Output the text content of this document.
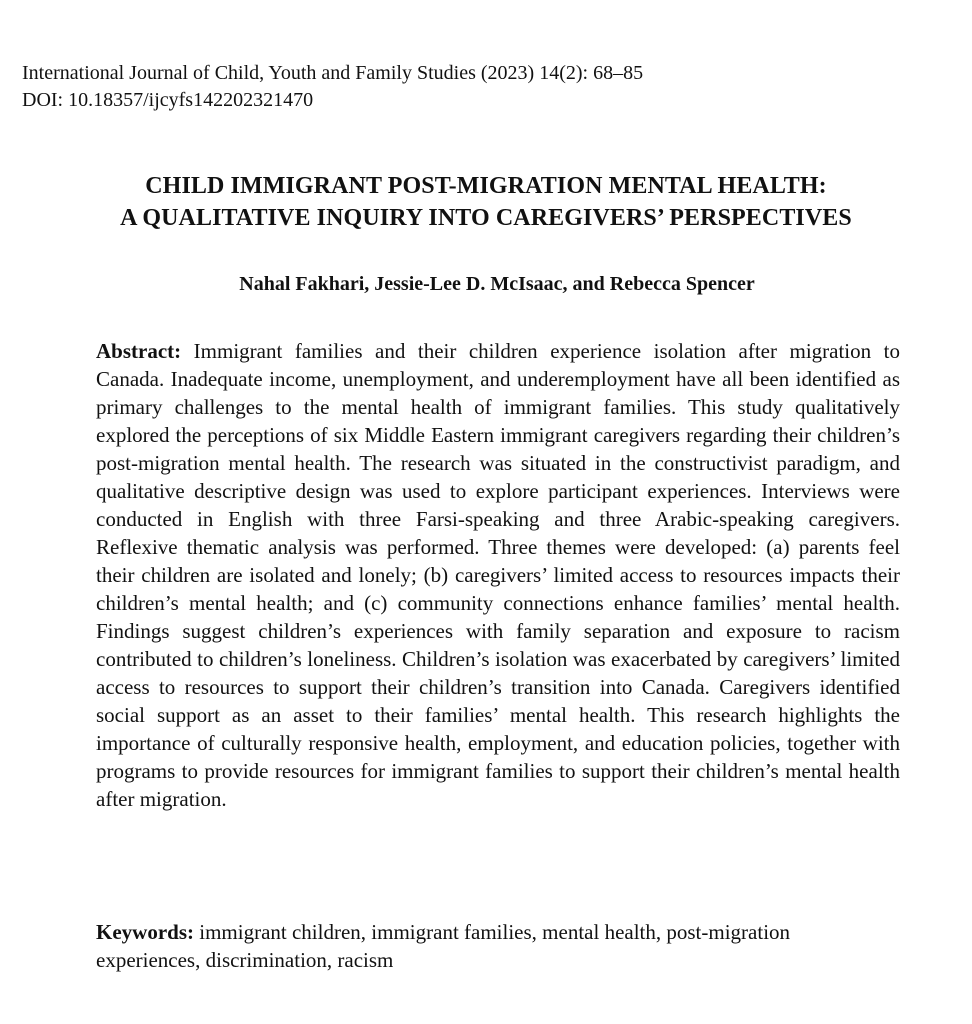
International Journal of Child, Youth and Family Studies (2023) 14(2): 68–85
DOI: 10.18357/ijcyfs142202321470
CHILD IMMIGRANT POST-MIGRATION MENTAL HEALTH:
A QUALITATIVE INQUIRY INTO CAREGIVERS’ PERSPECTIVES
Nahal Fakhari, Jessie-Lee D. McIsaac, and Rebecca Spencer

Abstract: Immigrant families and their children experience isolation after migration to Canada. Inadequate income, unemployment, and underemployment have all been identified as primary challenges to the mental health of immigrant families. This study qualitatively explored the perceptions of six Middle Eastern immigrant caregivers regarding their children’s post-migration mental health. The research was situated in the constructivist paradigm, and qualitative descriptive design was used to explore participant experiences. Interviews were conducted in English with three Farsi-speaking and three Arabic-speaking caregivers. Reflexive thematic analysis was performed. Three themes were developed: (a) parents feel their children are isolated and lonely; (b) caregivers’ limited access to resources impacts their children’s mental health; and (c) community connections enhance families’ mental health. Findings suggest children’s experiences with family separation and exposure to racism contributed to children’s loneliness. Children’s isolation was exacerbated by caregivers’ limited access to resources to support their children’s transition into Canada. Caregivers identified social support as an asset to their families’ mental health. This research highlights the importance of culturally responsive health, employment, and education policies, together with programs to provide resources for immigrant families to support their children’s mental health after migration.

Keywords: immigrant children, immigrant families, mental health, post-migration experiences, discrimination, racism
